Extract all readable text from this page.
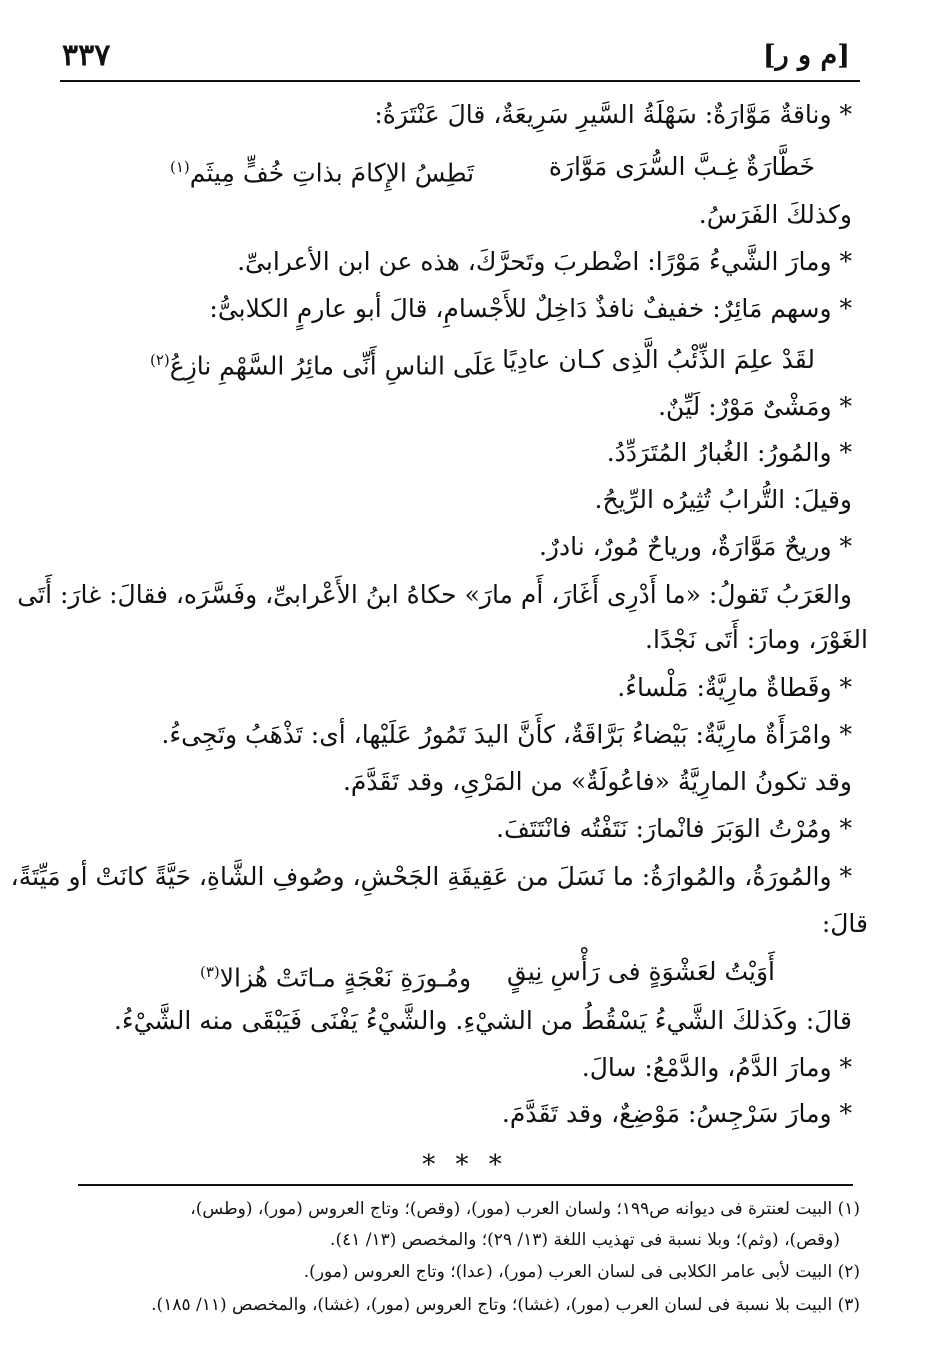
[م و ر]
٣٣٧
* وناقةٌ مَوَّارَةٌ: سَهْلَةُ السَّيرِ سَرِيعَةٌ، قالَ عَنْتَرَةُ:
خَطَّارَةٌ غِـبَّ السُّرَى مَوَّارَة
تَطِسُ الإِكامَ بذاتِ خُفٍّ مِيثَم$^{(١)}$
وكذلكَ الفَرَسُ.
* ومارَ الشَّيءُ مَوْرًا: اضْطربَ وتَحرَّكَ، هذه عن ابن الأعرابىِّ.
* وسهم مَائِرٌ: خفيفٌ نافذٌ دَاخِلٌ للأَجْسامِ، قالَ أبو عارمٍ الكلابىُّ:
لقَدْ علِمَ الذِّئْبُ الَّذِى كـان عادِيًا
عَلَى الناسِ أَنِّى مائِرُ السَّهْمِ نازِعُ$^{(٢)}$
* ومَشْىٌ مَوْرٌ: لَيِّنٌ.
* والمُورُ: الغُبارُ المُتَرَدِّدُ.
وقيلَ: التُّرابُ تُثِيرُه الرِّيحُ.
* وريحٌ مَوَّارَةٌ، ورياحٌ مُورٌ، نادرٌ.
والعَرَبُ تَقولُ: «ما أَدْرِى أَغَارَ، أَم مارَ» حكاهُ ابنُ الأَعْرابىِّ، وفَسَّرَه، فقالَ: غارَ: أَتَى
الغَوْرَ، ومارَ: أَتَى نَجْدًا.
* وقَطاةٌ مارِيَّةٌ: مَلْساءُ.
* وامْرَأَةٌ مارِيَّةٌ: بَيْضاءُ بَرَّاقَةٌ، كأَنَّ اليدَ تَمُورُ عَلَيْها، أى: تَذْهَبُ وتَجِىءُ.
وقد تكونُ المارِيَّةُ «فاعُولَةٌ» من المَرْىِ، وقد تَقَدَّمَ.
* ومُرْتُ الوَبَرَ فانْمارَ: نَتَفْتُه فانْتَتَفَ.
* والمُورَةُ، والمُوارَةُ: ما نَسَلَ من عَقِيقَةِ الجَحْشِ، وصُوفِ الشَّاةِ، حَيَّةً كانَتْ أو مَيِّتَةً،
قالَ:
أَوَيْتُ لعَشْوَةٍ فى رَأْسِ نِيقٍ
ومُـورَةِ نَعْجَةٍ مـاتَتْ هُزالا$^{(٣)}$
قالَ: وكَذلكَ الشَّيءُ يَسْقُطُ من الشيْءِ. والشَّيْءُ يَفْنَى فَيَبْقَى منه الشَّيْءُ.
* ومارَ الدَّمُ، والدَّمْعُ: سالَ.
* ومارَ سَرْجِسُ: مَوْضِعٌ، وقد تَقَدَّمَ.
* * *
(١) البيت لعنترة فى ديوانه ص١٩٩؛ ولسان العرب (مور)، (وقص)؛ وتاج العروس (مور)، (وطس)،
(وقص)، (وثم)؛ وبلا نسبة فى تهذيب اللغة (١٣/ ٢٩)؛ والمخصص (١٣/ ٤١).
(٢) البيت لأبى عامر الكلابى فى لسان العرب (مور)، (عدا)؛ وتاج العروس (مور).
(٣) البيت بلا نسبة فى لسان العرب (مور)، (غشا)؛ وتاج العروس (مور)، (غشا)، والمخصص (١١/ ١٨٥).
